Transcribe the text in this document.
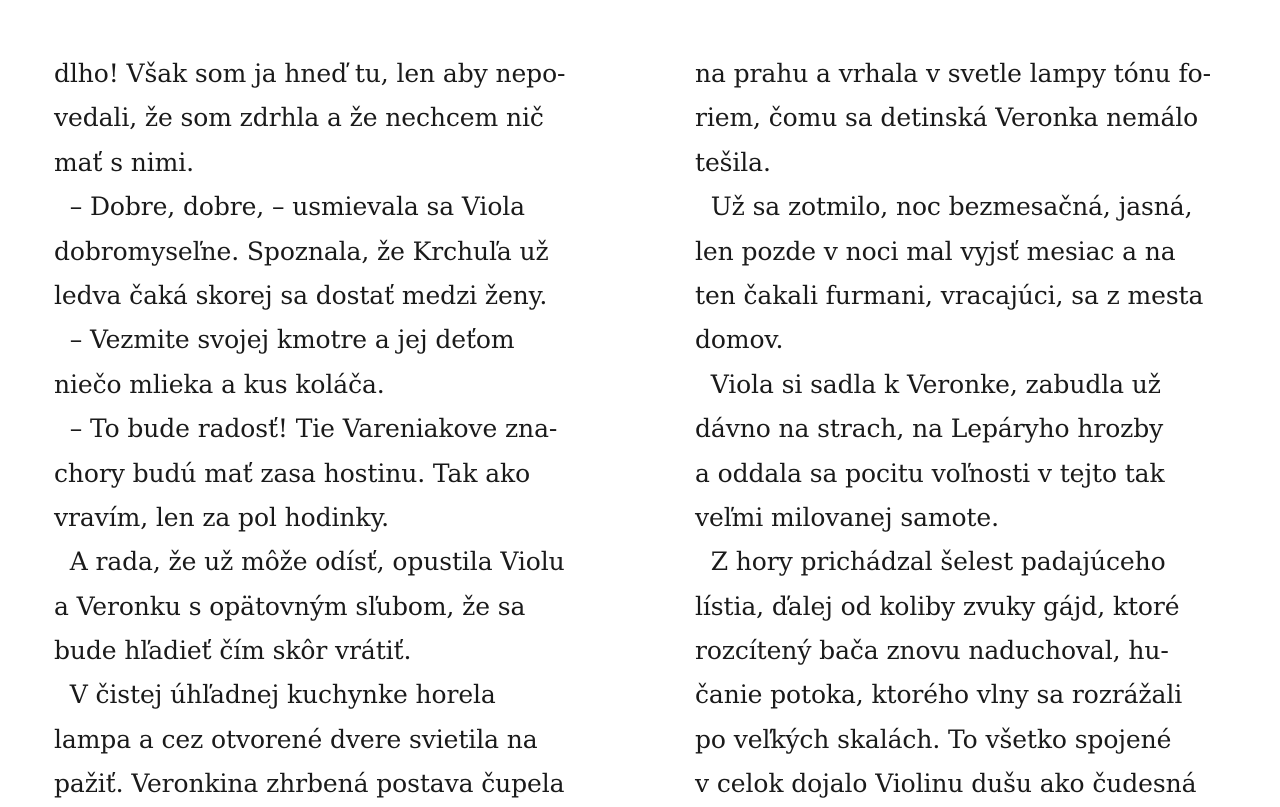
dlho! Však som ja hneď tu, len aby nepo-
vedali, že som zdrhla a že nechcem nič
mať s nimi.
– Dobre, dobre, – usmievala sa Viola
dobromyseľne. Spoznala, že Krchuľa už
ledva čaká skorej sa dostať medzi ženy.
– Vezmite svojej kmotre a jej deťom
niečo mlieka a kus koláča.
– To bude radosť! Tie Vareniakove zna-
chory budú mať zasa hostinu. Tak ako
vravím, len za pol hodinky.
A rada, že už môže odísť, opustila Violu
a Veronku s opätovným sľubom, že sa
bude hľadieť čím skôr vrátiť.
V čistej úhľadnej kuchynke horela
lampa a cez otvorené dvere svietila na
pažiť. Veronkina zhrbená postava čupela
na prahu a vrhala v svetle lampy tónu fo-
riem, čomu sa detinská Veronka nemálo
tešila.
Už sa zotmilo, noc bezmesačná, jasná,
len pozde v noci mal vyjsť mesiac a na
ten čakali furmani, vracajúci, sa z mesta
domov.
Viola si sadla k Veronke, zabudla už
dávno na strach, na Lepáryho hrozby
a oddala sa pocitu voľnosti v tejto tak
veľmi milovanej samote.
Z hory prichádzal šelest padajúceho
lístia, ďalej od koliby zvuky gájd, ktoré
rozcítený bača znovu naduchoval, hu-
čanie potoka, ktorého vlny sa rozrážali
po veľkých skalách. To všetko spojené
v celok dojalo Violinu dušu ako čudesná
